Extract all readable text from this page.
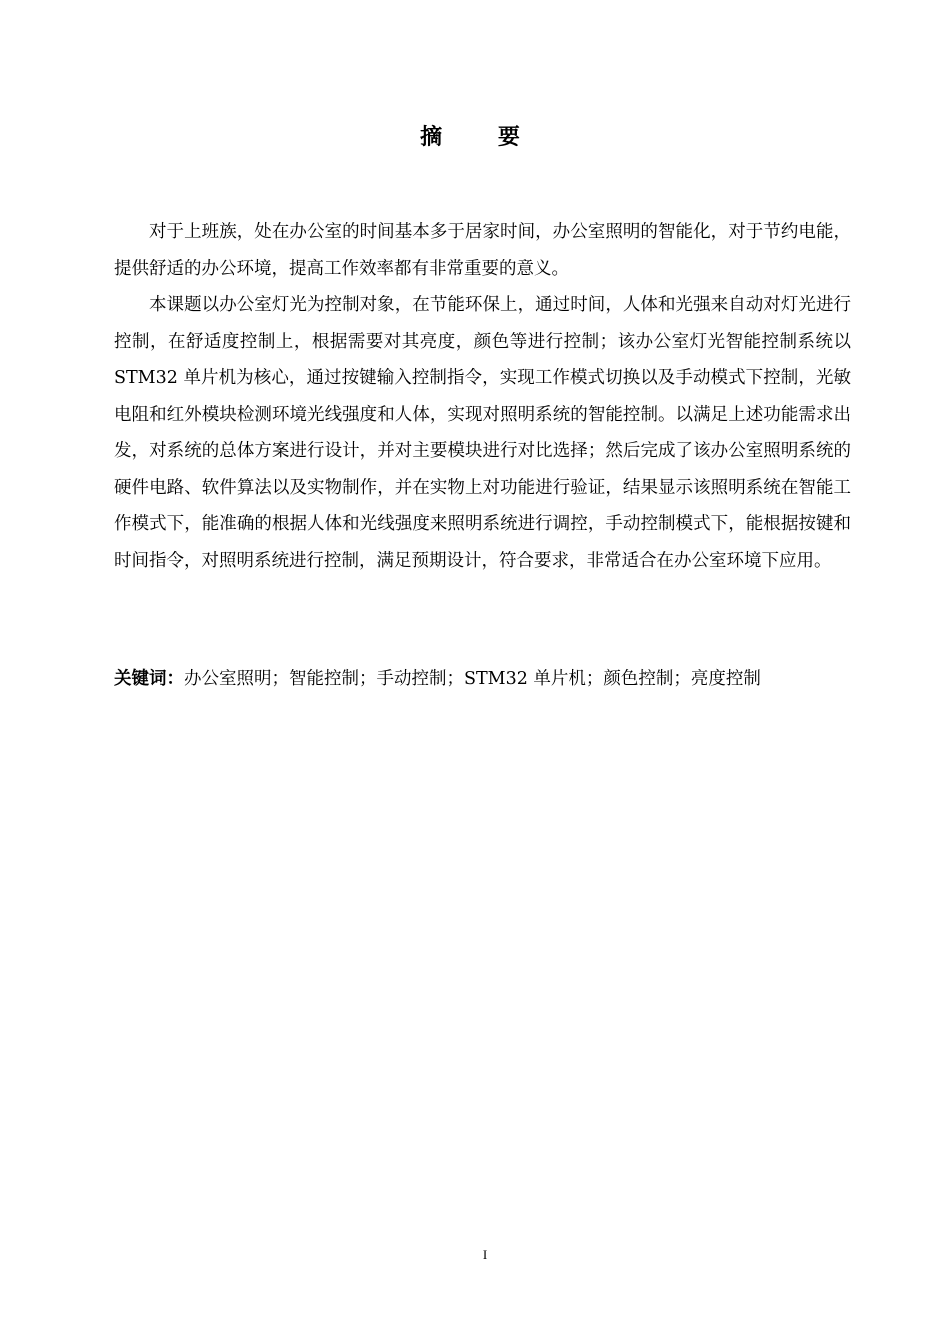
摘 要

对于上班族，处在办公室的时间基本多于居家时间，办公室照明的智能化，对于节约电能，提供舒适的办公环境，提高工作效率都有非常重要的意义。

本课题以办公室灯光为控制对象，在节能环保上，通过时间，人体和光强来自动对灯光进行控制，在舒适度控制上，根据需要对其亮度，颜色等进行控制；该办公室灯光智能控制系统以 STM32 单片机为核心，通过按键输入控制指令，实现工作模式切换以及手动模式下控制，光敏电阻和红外模块检测环境光线强度和人体，实现对照明系统的智能控制。以满足上述功能需求出发，对系统的总体方案进行设计，并对主要模块进行对比选择；然后完成了该办公室照明系统的硬件电路、软件算法以及实物制作，并在实物上对功能进行验证，结果显示该照明系统在智能工作模式下，能准确的根据人体和光线强度来照明系统进行调控，手动控制模式下，能根据按键和时间指令，对照明系统进行控制，满足预期设计，符合要求，非常适合在办公室环境下应用。

关键词：办公室照明；智能控制；手动控制；STM32 单片机；颜色控制；亮度控制
I
